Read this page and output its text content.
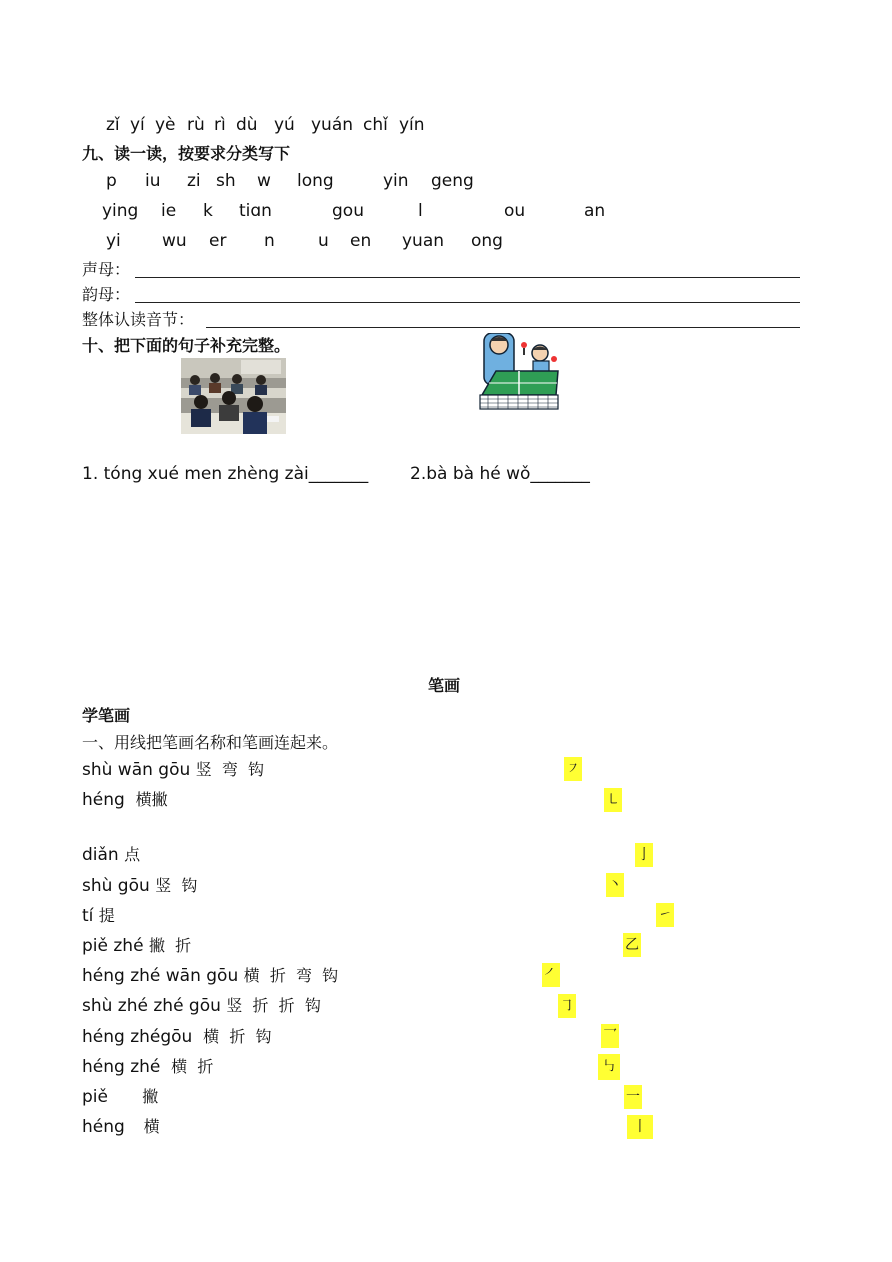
zǐ yí yè rù rì dù yú yuán chǐ yín
九、读一读，按要求分类写下
p iu zi sh w long	yin geng
ying ie k tiɑn	gou	l	ou	an
yi wu er n	u en yuan ong
声母：
韵母：
整体认读音节：
十、把下面的句子补充完整。
1. tóng xué men zhèng zài_______ 2.bà bà hé wǒ_______
笔画
学笔画
一、用线把笔画名称和笔画连起来。
shù wān gōu 竖  弯  钩
héng  横撇
diǎn 点
shù gōu 竖  钩
tí 提
piě zhé 撇  折
héng zhé wān gōu 横  折  弯  钩
shù zhé zhé gōu 竖  折  折  钩
héng zhégōu  横  折  钩
héng zhé  横  折
piě   撇
héng  横
㇇
㇄
亅
丶
㇀
乙
㇒
㇆
乛
㇉
一
丨
